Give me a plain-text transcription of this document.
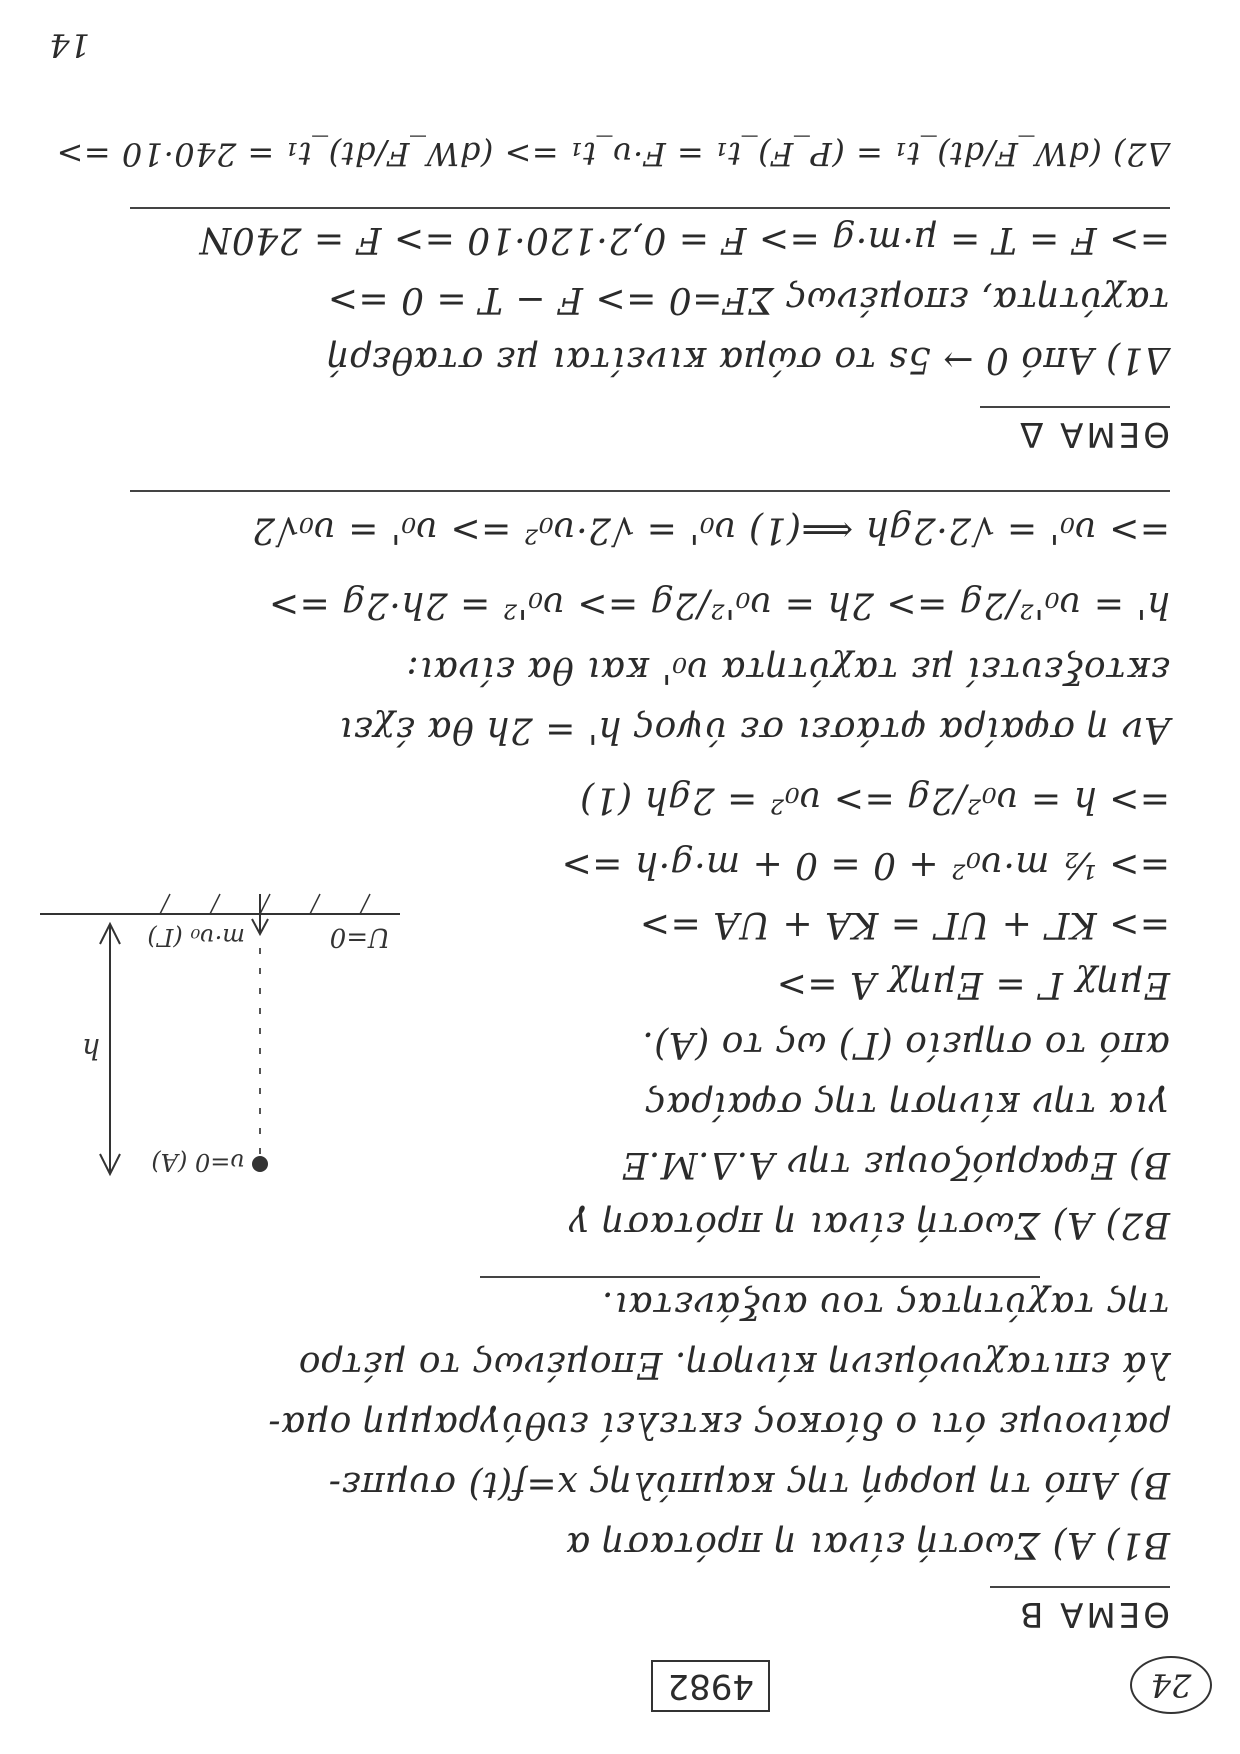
24
4982
ΘΕΜΑ Β
Β1) Α) Σωστή είναι η πρόταση α
Β) Από τη μορφή της καμπύλης x=f(t) συμπε-
ραίνουμε ότι ο δίσκος εκτελεί ευθύγραμμη ομα-
λά επιταχυνόμενη κίνηση. Επομένως το μέτρο
της ταχύτητας του αυξάνεται.
Β2) Α) Σωστή είναι η πρόταση γ
Β) Εφαρμόζουμε την Α.Δ.Μ.Ε
για την κίνηση της σφαίρας
από το σημείο (Γ) ως το (Α).
Εμηχ Γ = Εμηχ Α =>
=> ΚΓ + UΓ = ΚΑ + UΑ =>
=> ½ m·υ₀² + 0 = 0 + m·g·h =>
=> h = υ₀²/2g => υ₀² = 2gh (1)
Αν η σφαίρα φτάσει σε ύψος h' = 2h θα έχει
εκτοξευτεί με ταχύτητα υ₀' και θα είναι:
h' = υ₀'²/2g => 2h = υ₀'²/2g => υ₀'² = 2h·2g =>
=> υ₀' = √2·2gh ⟸(1) υ₀' = √2·υ₀² => υ₀' = υ₀√2
ΘΕΜΑ Δ
Δ1) Από 0 → 5s το σώμα κινείται με σταθερή
ταχύτητα, επομένως ΣF=0 => F − T = 0 =>
=> F = T = μ·m·g => F = 0,2·120·10 => F = 240N
Δ2) (dW_F/dt)_t₁ = (P_F)_t₁ = F·υ_t₁ => (dW_F/dt)_t₁ = 240·10 =>
14
U=0
m·υ₀ (Γ)
h
υ=0 (Α)
